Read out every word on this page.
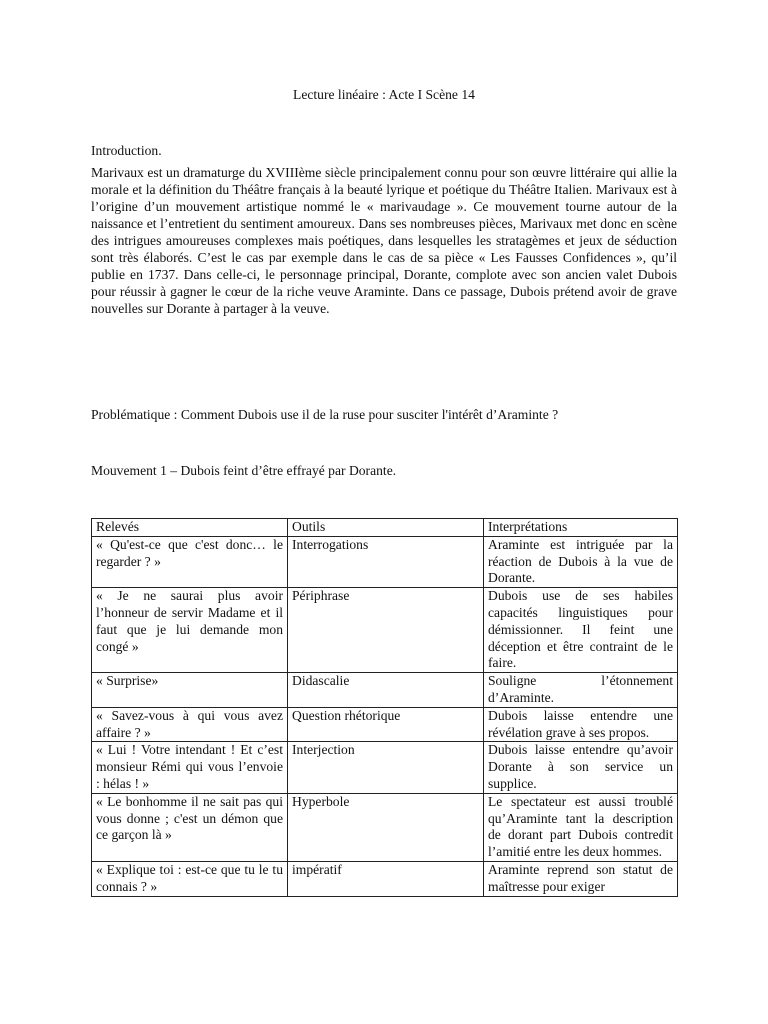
Lecture linéaire : Acte I Scène 14
Introduction.

Marivaux est un dramaturge du XVIIIème siècle principalement connu pour son œuvre littéraire qui allie la morale et la définition du Théâtre français à la beauté lyrique et poétique du Théâtre Italien. Marivaux est à l’origine d’un mouvement artistique nommé le « marivaudage ». Ce mouvement tourne autour de la naissance et l’entretient du sentiment amoureux. Dans ses nombreuses pièces, Marivaux met donc en scène des intrigues amoureuses complexes mais poétiques, dans lesquelles les stratagèmes et jeux de séduction sont très élaborés. C’est le cas par exemple dans le cas de sa pièce « Les Fausses Confidences », qu’il publie en 1737. Dans celle-ci, le personnage principal, Dorante, complote avec son ancien valet Dubois pour réussir à gagner le cœur de la riche veuve Araminte. Dans ce passage, Dubois prétend avoir de grave nouvelles sur Dorante à partager à la veuve.

Problématique : Comment Dubois use il de la ruse pour susciter l'intérêt d’Araminte ?
Mouvement 1 – Dubois feint d’être effrayé par Dorante.
Relevés	Outils	Interprétations
« Qu'est-ce que c'est donc… le regarder ? »	Interrogations	Araminte est intriguée par la réaction de Dubois à la vue de Dorante.
« Je ne saurai plus avoir l’honneur de servir Madame et il faut que je lui demande mon congé »	Périphrase	Dubois use de ses habiles capacités linguistiques pour démissionner. Il feint une déception et être contraint de le faire.
« Surprise»	Didascalie	Souligne l’étonnement d’Araminte.
« Savez-vous à qui vous avez affaire ? »	Question rhétorique	Dubois laisse entendre une révélation grave à ses propos.
« Lui ! Votre intendant ! Et c’est monsieur Rémi qui vous l’envoie : hélas ! »	Interjection	Dubois laisse entendre qu’avoir Dorante à son service un supplice.
« Le bonhomme il ne sait pas qui vous donne ; c'est un démon que ce garçon là »	Hyperbole	Le spectateur est aussi troublé qu’Araminte tant la description de dorant part Dubois contredit l’amitié entre les deux hommes.
« Explique toi : est-ce que tu le tu connais ? »	impératif	Araminte reprend son statut de maîtresse pour exiger
